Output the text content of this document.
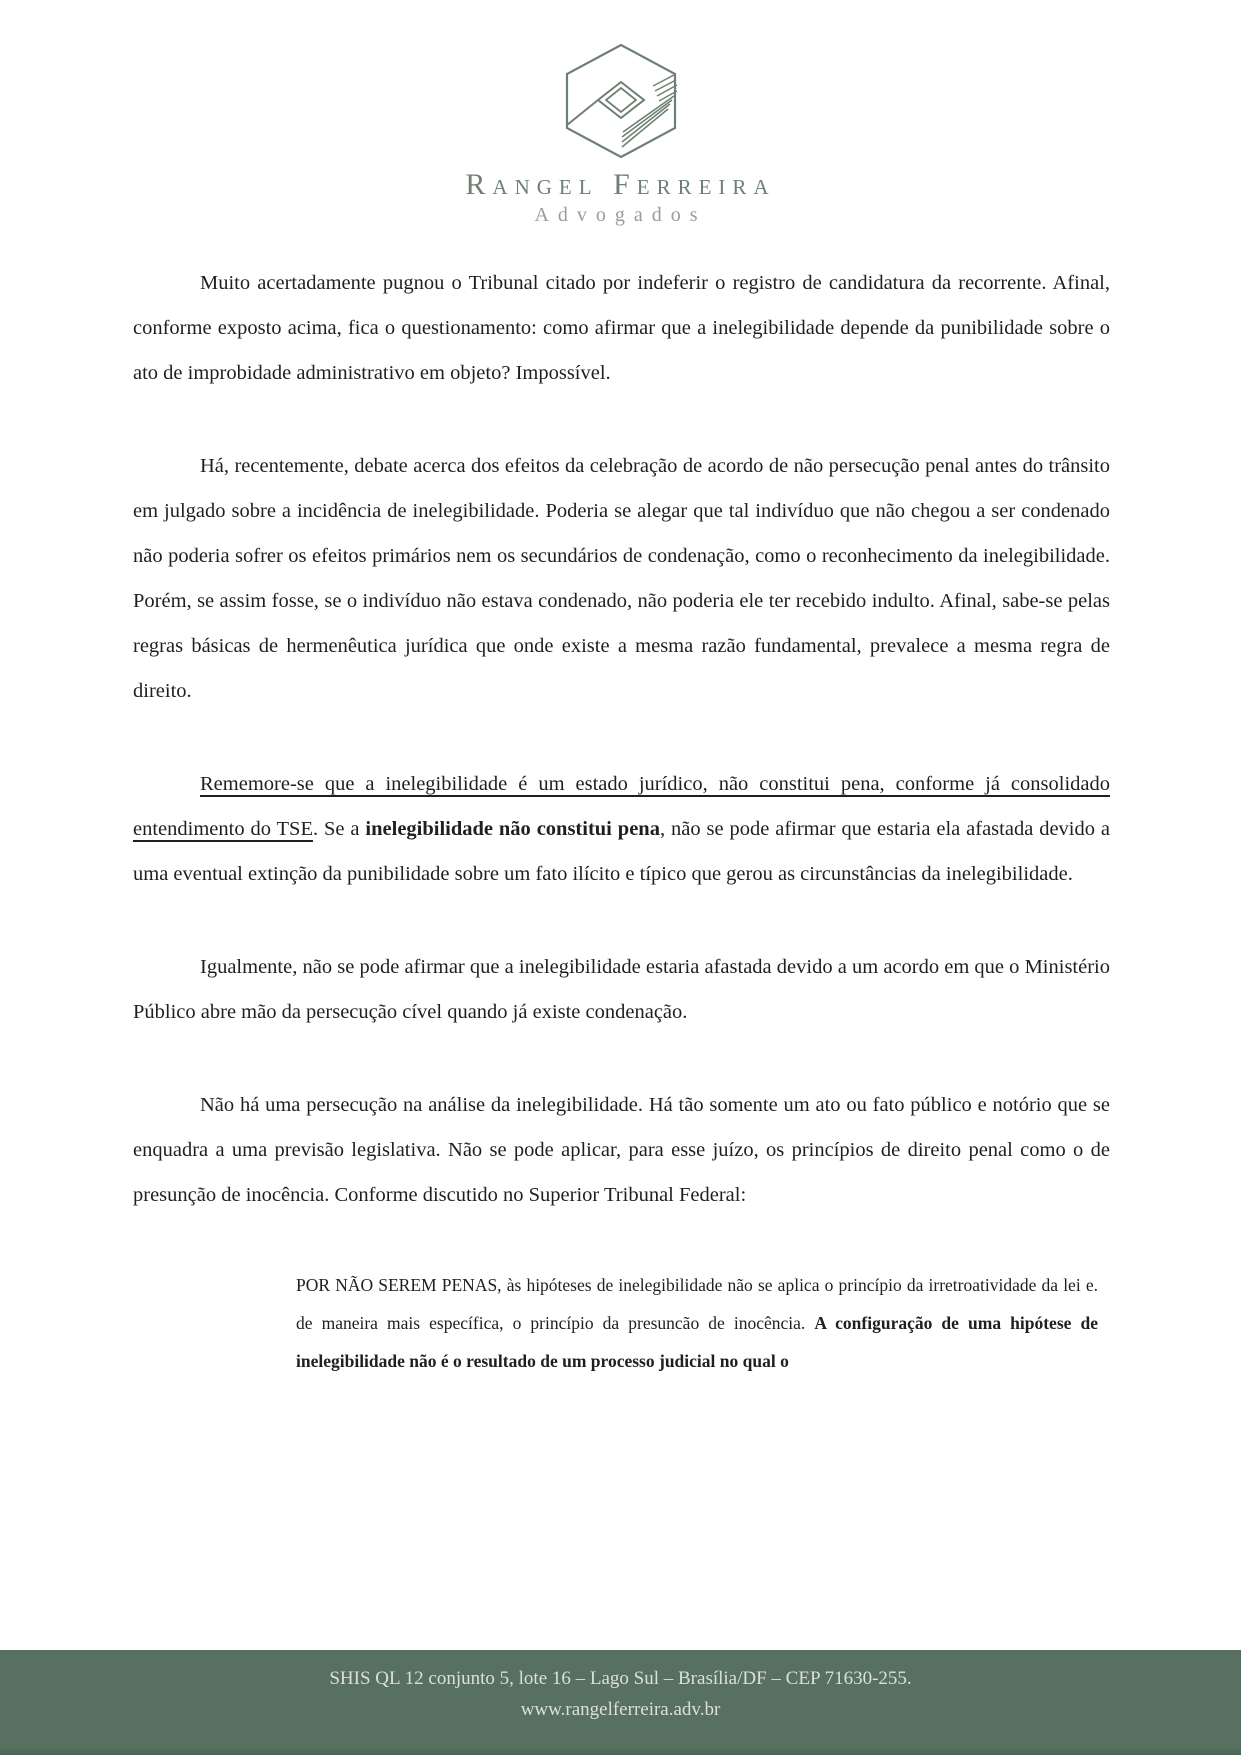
Rangel Ferreira
Advogados

Muito acertadamente pugnou o Tribunal citado por indeferir o registro de candidatura da recorrente. Afinal, conforme exposto acima, fica o questionamento: como afirmar que a inelegibilidade depende da punibilidade sobre o ato de improbidade administrativo em objeto? Impossível.

Há, recentemente, debate acerca dos efeitos da celebração de acordo de não persecução penal antes do trânsito em julgado sobre a incidência de inelegibilidade. Poderia se alegar que tal indivíduo que não chegou a ser condenado não poderia sofrer os efeitos primários nem os secundários de condenação, como o reconhecimento da inelegibilidade. Porém, se assim fosse, se o indivíduo não estava condenado, não poderia ele ter recebido indulto. Afinal, sabe-se pelas regras básicas de hermenêutica jurídica que onde existe a mesma razão fundamental, prevalece a mesma regra de direito.

Rememore-se que a inelegibilidade é um estado jurídico, não constitui pena, conforme já consolidado entendimento do TSE. Se a inelegibilidade não constitui pena, não se pode afirmar que estaria ela afastada devido a uma eventual extinção da punibilidade sobre um fato ilícito e típico que gerou as circunstâncias da inelegibilidade.

Igualmente, não se pode afirmar que a inelegibilidade estaria afastada devido a um acordo em que o Ministério Público abre mão da persecução cível quando já existe condenação.

Não há uma persecução na análise da inelegibilidade. Há tão somente um ato ou fato público e notório que se enquadra a uma previsão legislativa. Não se pode aplicar, para esse juízo, os princípios de direito penal como o de presunção de inocência. Conforme discutido no Superior Tribunal Federal:

POR NÃO SEREM PENAS, às hipóteses de inelegibilidade não se aplica o princípio da irretroatividade da lei e. de maneira mais específica, o princípio da presuncão de inocência. A configuração de uma hipótese de inelegibilidade não é o resultado de um processo judicial no qual o
SHIS QL 12 conjunto 5, lote 16 – Lago Sul – Brasília/DF – CEP 71630-255.
www.rangelferreira.adv.br
